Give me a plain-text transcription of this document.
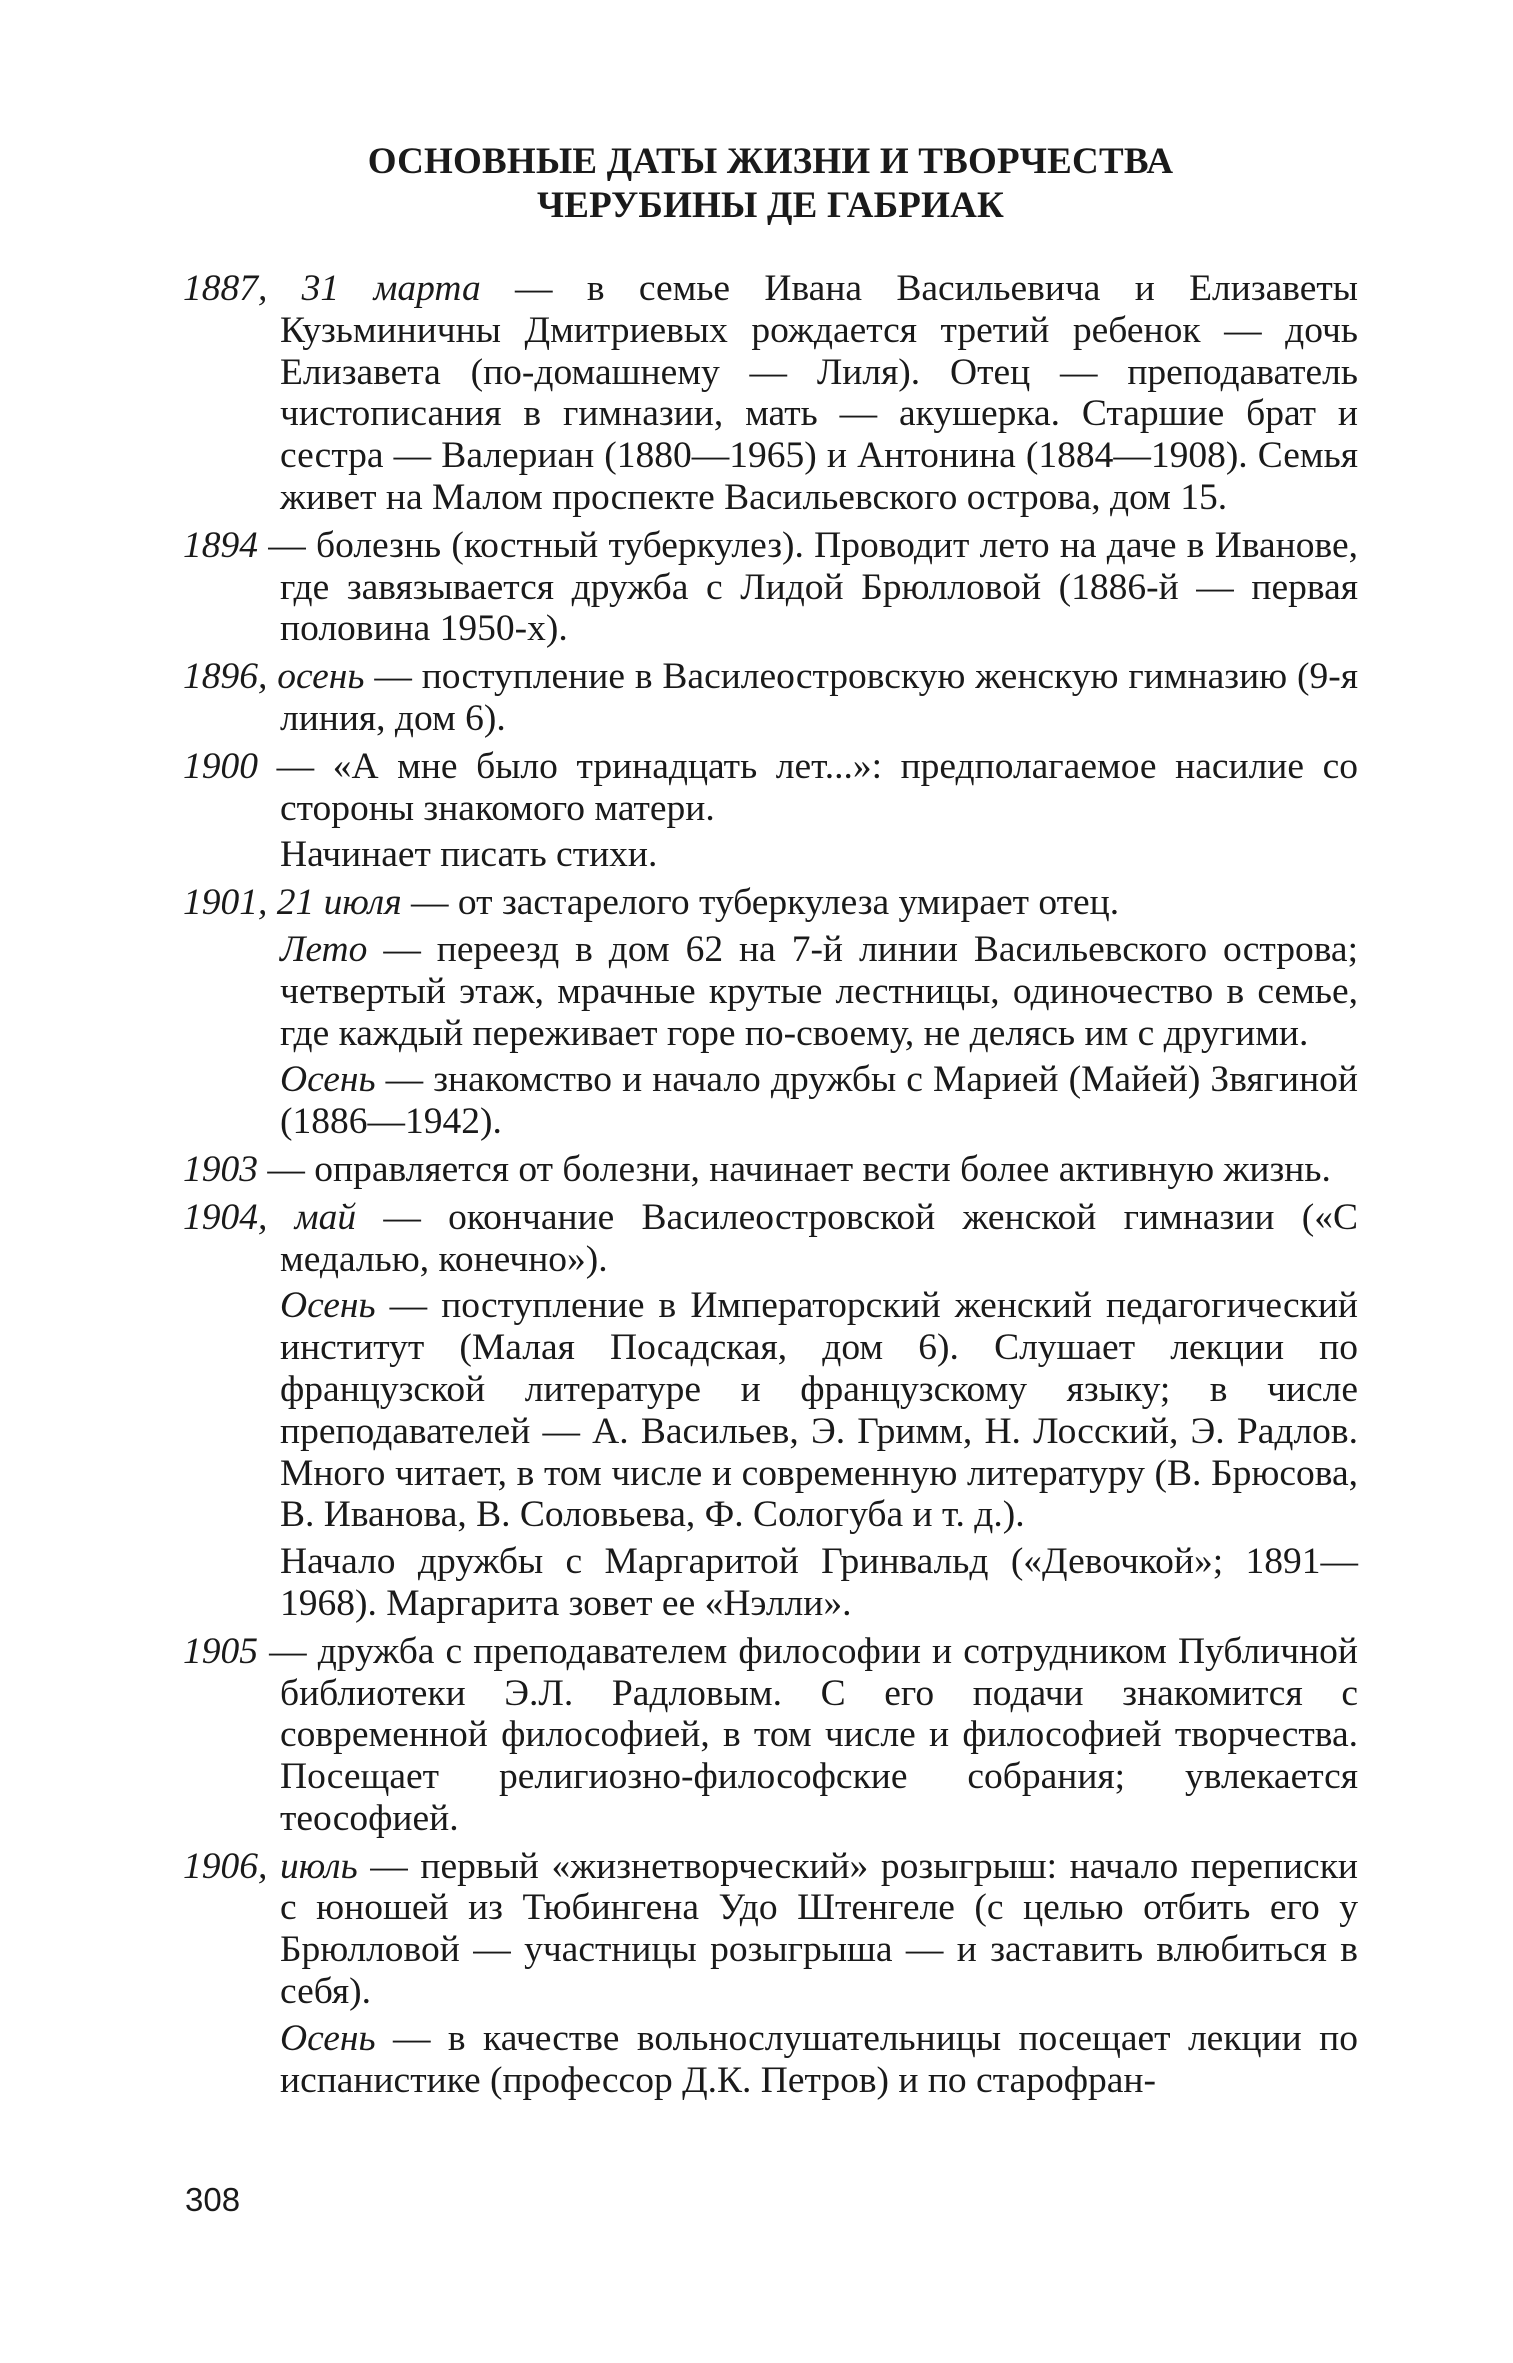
ОСНОВНЫЕ ДАТЫ ЖИЗНИ И ТВОРЧЕСТВА
ЧЕРУБИНЫ ДЕ ГАБРИАК

1887, 31 марта — в семье Ивана Васильевича и Елизаветы Кузьминичны Дмитриевых рождается третий ребенок — дочь Елизавета (по-домашнему — Лиля). Отец — преподаватель чистописания в гимназии, мать — акушерка. Старшие брат и сестра — Валериан (1880—1965) и Антонина (1884—1908). Семья живет на Малом проспекте Васильевского острова, дом 15.

1894 — болезнь (костный туберкулез). Проводит лето на даче в Иванове, где завязывается дружба с Лидой Брюлловой (1886-й — первая половина 1950-х).

1896, осень — поступление в Василеостровскую женскую гимназию (9-я линия, дом 6).

1900 — «А мне было тринадцать лет...»: предполагаемое насилие со стороны знакомого матери.

Начинает писать стихи.

1901, 21 июля — от застарелого туберкулеза умирает отец.

Лето — переезд в дом 62 на 7-й линии Васильевского острова; четвертый этаж, мрачные крутые лестницы, одиночество в семье, где каждый переживает горе по-своему, не делясь им с другими.

Осень — знакомство и начало дружбы с Марией (Майей) Звягиной (1886—1942).

1903 — оправляется от болезни, начинает вести более активную жизнь.

1904, май — окончание Василеостровской женской гимназии («С медалью, конечно»).

Осень — поступление в Императорский женский педагогический институт (Малая Посадская, дом 6). Слушает лекции по французской литературе и французскому языку; в числе преподавателей — А. Васильев, Э. Гримм, Н. Лосский, Э. Радлов. Много читает, в том числе и современную литературу (В. Брюсова, В. Иванова, В. Соловьева, Ф. Сологуба и т. д.).

Начало дружбы с Маргаритой Гринвальд («Девочкой»; 1891—1968). Маргарита зовет ее «Нэлли».

1905 — дружба с преподавателем философии и сотрудником Публичной библиотеки Э.Л. Радловым. С его подачи знакомится с современной философией, в том числе и философией творчества. Посещает религиозно-философские собрания; увлекается теософией.

1906, июль — первый «жизнетворческий» розыгрыш: начало переписки с юношей из Тюбингена Удо Штенгеле (с целью отбить его у Брюлловой — участницы розыгрыша — и заставить влюбиться в себя).

Осень — в качестве вольнослушательницы посещает лекции по испанистике (профессор Д.К. Петров) и по старофран-

308
